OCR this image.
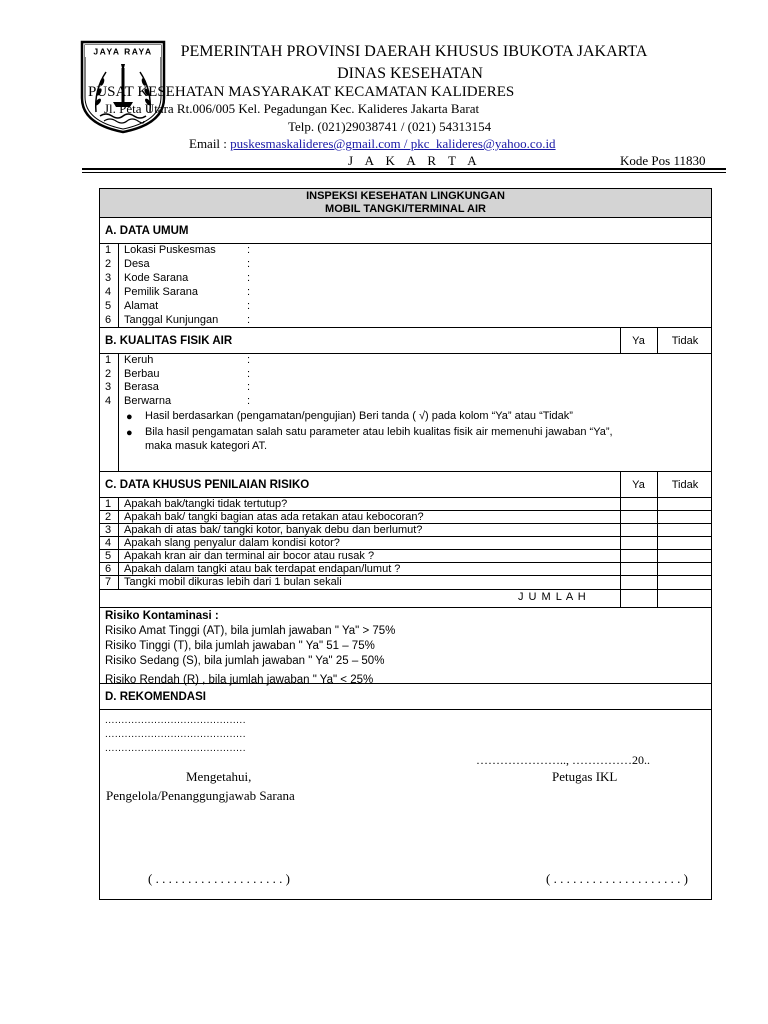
JAYA RAYA	PEMERINTAH PROVINSI DAERAH KHUSUS IBUKOTA JAKARTA
DINAS KESEHATAN
PUSAT KESEHATAN MASYARAKAT KECAMATAN KALIDERES
Jl. Peta Utara Rt.006/005 Kel. Pegadungan Kec. Kalideres Jakarta Barat
Telp. (021)29038741 / (021) 54313154
Email : puskesmaskalideres@gmail.com / pkc_kalideres@yahoo.co.id
J A K A R T A	Kode Pos 11830
INSPEKSI KESEHATAN LINGKUNGAN
MOBIL TANGKI/TERMINAL AIR
A. DATA UMUM
1	Lokasi Puskesmas	:
2	Desa	:
3	Kode Sarana	:
4	Pemilik Sarana	:
5	Alamat	:
6	Tanggal Kunjungan	:
B. KUALITAS FISIK AIR	Ya	Tidak
1	Keruh	:
2	Berbau	:
3	Berasa	:
4	Berwarna	:
● Hasil berdasarkan (pengamatan/pengujian) Beri tanda ( √) pada kolom “Ya” atau “Tidak”
● Bila hasil pengamatan salah satu parameter atau lebih kualitas fisik air memenuhi jawaban “Ya”, maka masuk kategori AT.
C. DATA KHUSUS PENILAIAN RISIKO	Ya	Tidak
1 Apakah bak/tangki tidak tertutup?
2 Apakah bak/ tangki bagian atas ada retakan atau kebocoran?
3 Apakah di atas bak/ tangki kotor, banyak debu dan berlumut?
4 Apakah slang penyalur dalam kondisi kotor?
5 Apakah kran air dan terminal air bocor atau rusak ?
6 Apakah dalam tangki atau bak terdapat endapan/lumut ?
7 Tangki mobil dikuras lebih dari 1 bulan sekali
J U M L A H
Risiko Kontaminasi :
Risiko Amat Tinggi (AT), bila jumlah jawaban " Ya" > 75%
Risiko Tinggi (T), bila jumlah jawaban " Ya" 51 – 75%
Risiko Sedang (S), bila jumlah jawaban " Ya" 25 – 50%
Risiko Rendah (R) , bila jumlah jawaban " Ya" < 25%
D. REKOMENDASI
...........................................
...........................................
...........................................
………………….., ……………20..
Mengetahui,
Pengelola/Penanggungjawab Sarana
Petugas IKL
( . . . . . . . . . . . . . . . . . . . . )	( . . . . . . . . . . . . . . . . . . . . )
